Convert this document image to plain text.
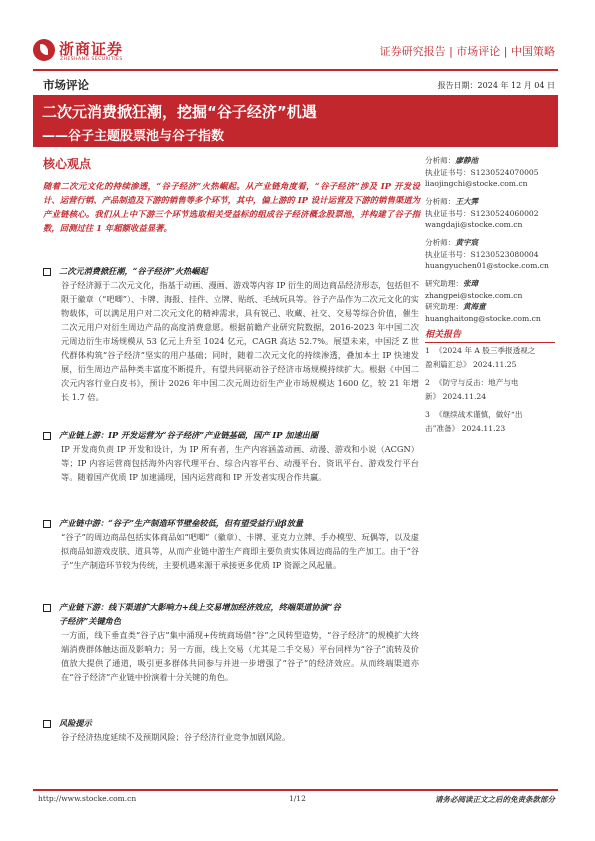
浙商证券
ZHESHANG SECURITIES
证券研究报告 | 市场评论 | 中国策略
市场评论	报告日期：2024 年 12 月 04 日
二次元消费掀狂潮，挖掘“谷子经济”机遇
——谷子主题股票池与谷子指数
核心观点
随着二次元文化的持续渗透，“谷子经济”火热崛起。从产业链角度看，“谷子经济”涉及 IP 开发设计、运营行销、产品制造及下游的销售等多个环节，其中，偏上游的 IP 设计运营及下游的销售渠道为产业链核心。我们从上中下游三个环节选取相关受益标的组成谷子经济概念股票池，并构建了谷子指数，回测过往 1 年超额收益显著。
二次元消费掀狂潮，“谷子经济”火热崛起
谷子经济源于二次元文化，指基于动画、漫画、游戏等内容 IP 衍生的周边商品经济形态，包括但不限于徽章（“吧唧”）、卡牌、海报、挂件、立牌、贴纸、毛绒玩具等。谷子产品作为二次元文化的实物载体，可以满足用户对二次元文化的精神需求，具有锐己、收藏、社交、交易等综合价值，催生二次元用户对衍生周边产品的高度消费意愿。根据前瞻产业研究院数据，2016-2023 年中国二次元周边衍生市场规模从 53 亿元上升至 1024 亿元，CAGR 高达 52.7%。展望未来，中国泛 Z 世代群体构筑“谷子经济”坚实的用户基础；同时，随着二次元文化的持续渗透，叠加本土 IP 快速发展，衍生周边产品种类丰富度不断提升，有望共同驱动谷子经济市场规模持续扩大。根据《中国二次元内容行业白皮书》，预计 2026 年中国二次元周边衍生产业市场规模达 1600 亿，较 21 年增长 1.7 倍。
产业链上游：IP 开发运营为“谷子经济”产业链基础，国产 IP 加速出圈
IP 开发商负责 IP 开发和设计，为 IP 所有者，生产内容涵盖动画、动漫、游戏和小说（ACGN）等；IP 内容运营商包括海外内容代理平台、综合内容平台、动漫平台、资讯平台、游戏发行平台等。随着国产优质 IP 加速涌现，国内运营商和 IP 开发者实现合作共赢。
产业链中游：“谷子”生产制造环节壁垒较低，但有望受益行业β放量
“谷子”的周边商品包括实体商品如“吧唧”（徽章）、卡牌、亚克力立牌、手办模型、玩偶等，以及虚拟商品如游戏皮肤、道具等，从而产业链中游生产商即主要负责实体周边商品的生产加工。由于“谷子”生产制造环节较为传统，主要机遇来源于承接更多优质 IP 资源之风起量。
产业链下游：线下渠道扩大影响力+线上交易增加经济效应，终端渠道协演“谷
子经济”关键角色
一方面，线下垂直类“谷子店”集中涌现+传统商场借“谷”之风转型造势，“谷子经济”的规模扩大终端消费群体触达面及影响力；另一方面，线上交易（尤其是二手交易）平台同样为“谷子”流转及价值放大提供了通道，吸引更多群体共同参与并进一步增强了“谷子”的经济效应。从而终端渠道亦在“谷子经济”产业链中扮演着十分关键的角色。
风险提示
谷子经济热度延续不及预期风险；谷子经济行业竞争加剧风险。
分析师：廖静池
执业证书号：S1230524070005
liaojingchi@stocke.com.cn
分析师：王大霁
执业证书号：S1230524060002
wangdaji@stocke.com.cn
分析师：黄宇宸
执业证书号：S1230523080004
huangyuchen01@stocke.com.cn
研究助理：张璋
zhangpei@stocke.com.cn
研究助理：黄海童
huanghaitong@stocke.com.cn
相关报告
1 《2024 年 A 股三季报透视之
盈利篇汇总》 2024.11.25
2 《防守与反击：地产与电
新》 2024.11.24
3 《继续战术谨慎，做好“出
击”准备》 2024.11.23
http://www.stocke.com.cn	1/12	请务必阅读正文之后的免责条款部分
